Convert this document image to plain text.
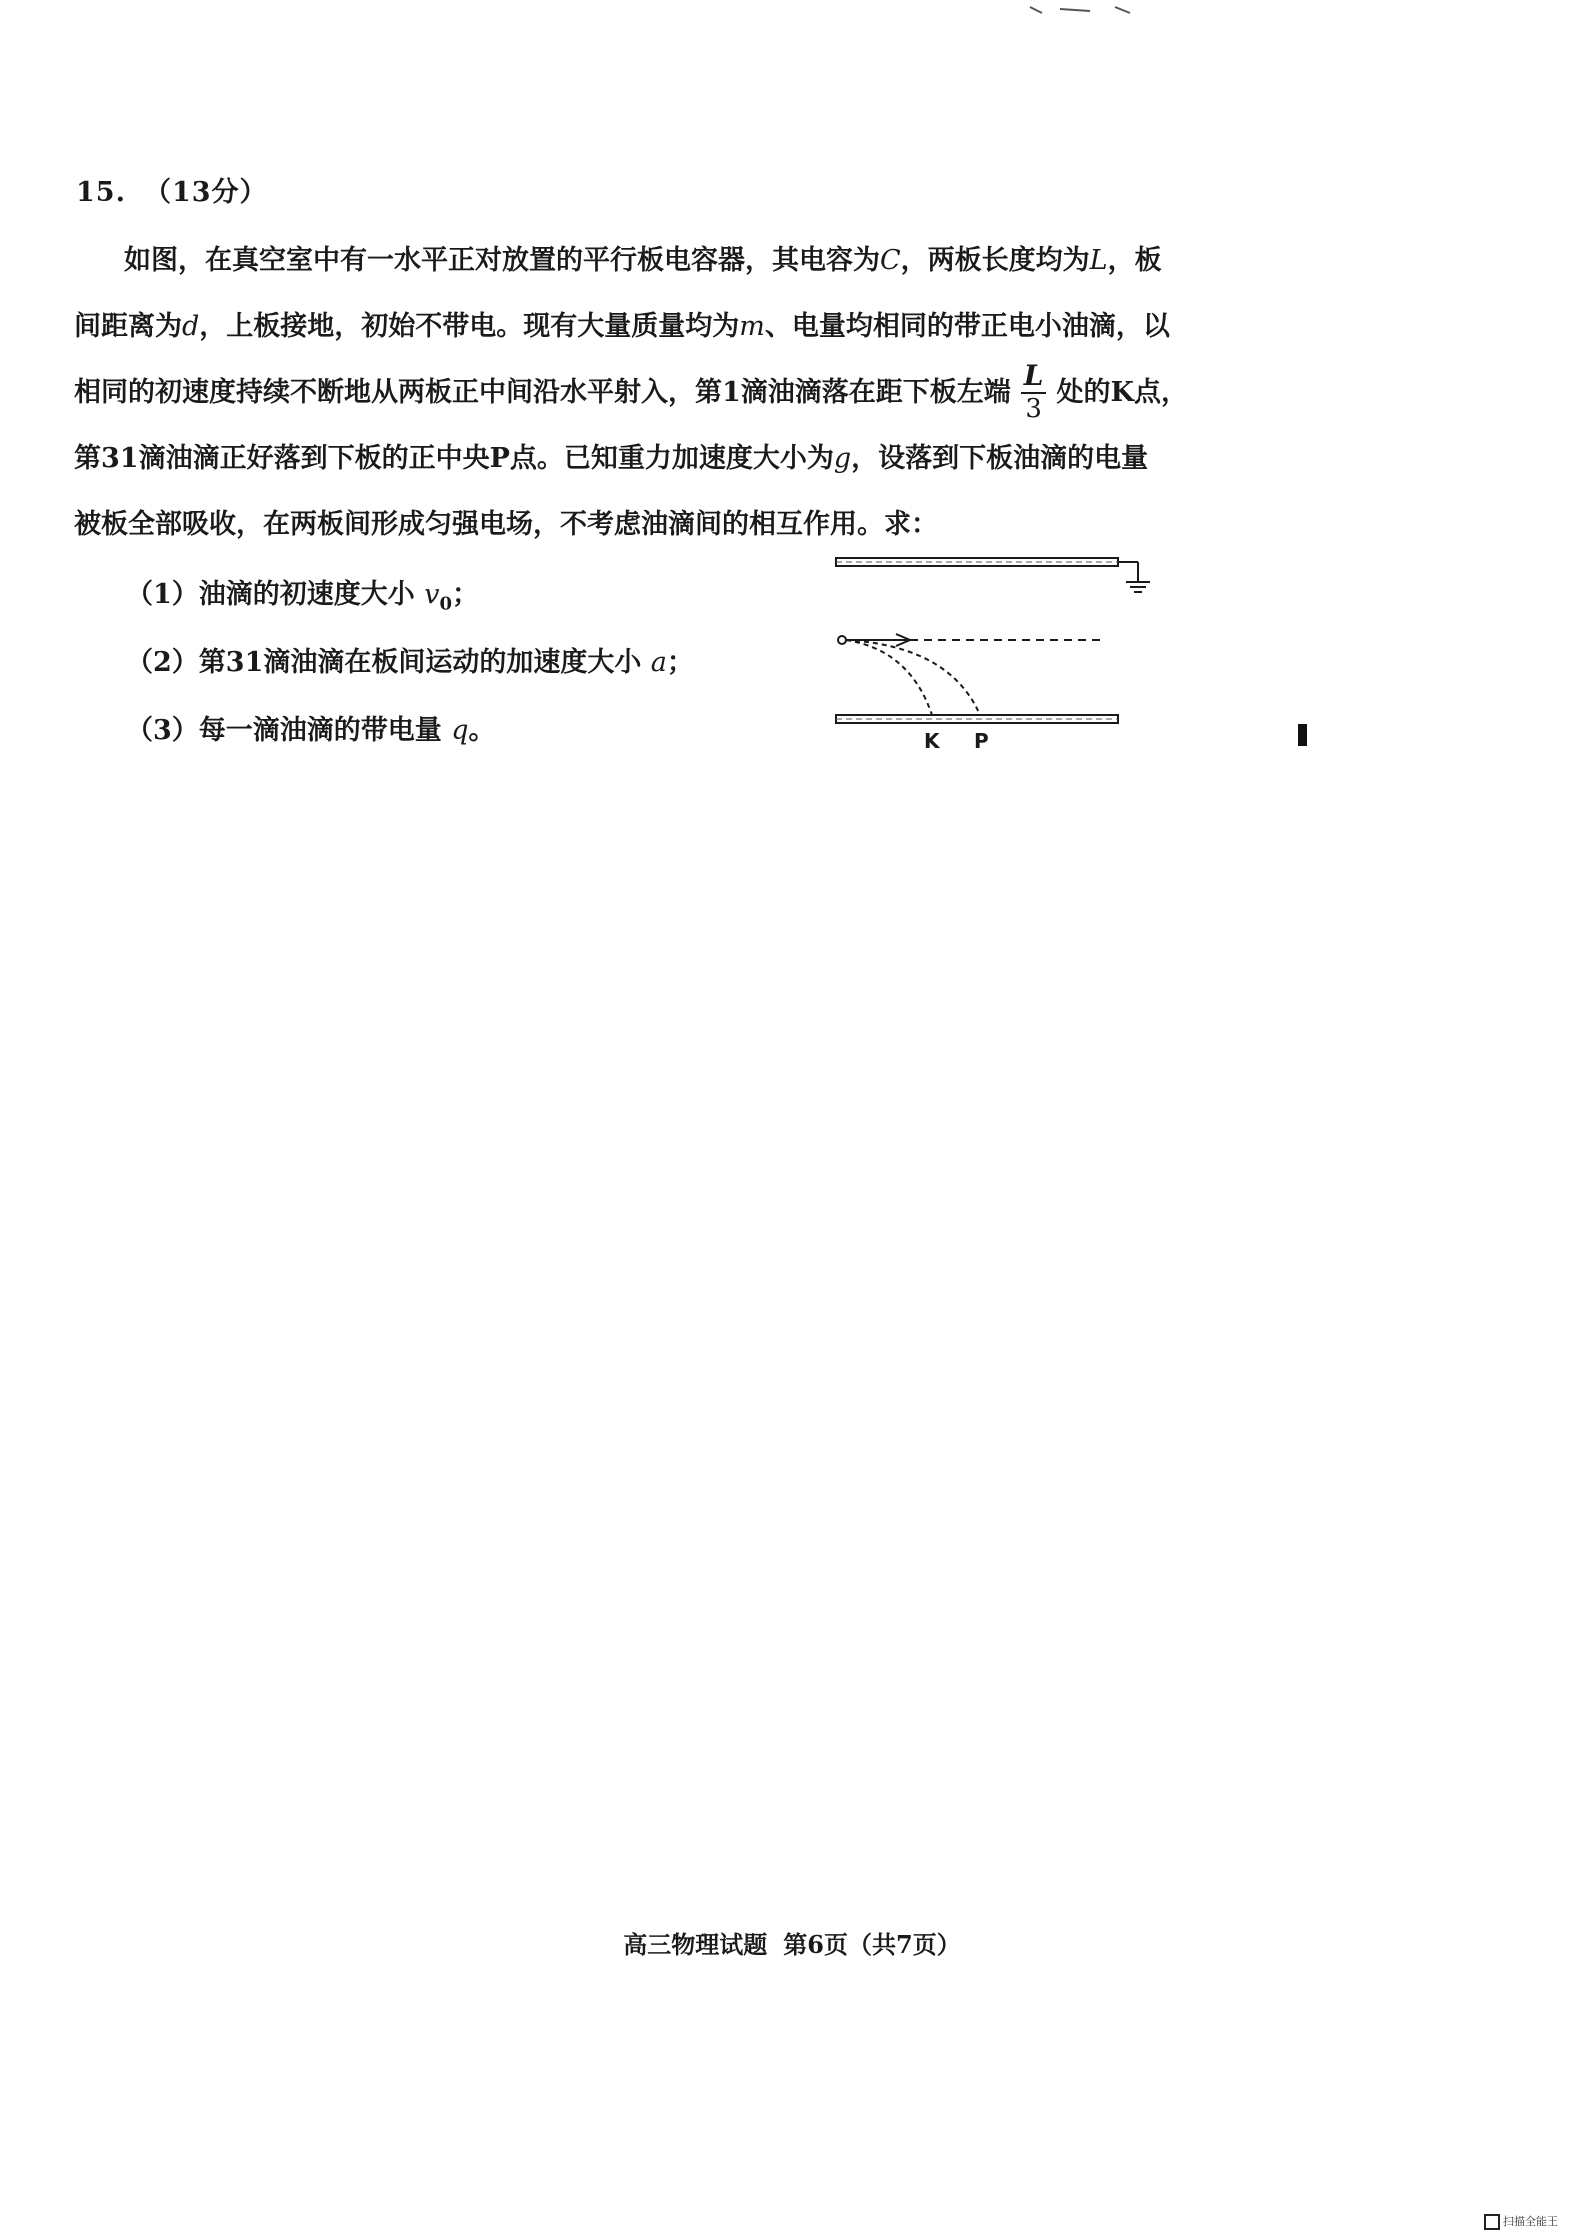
15. （13分）
如图，在真空室中有一水平正对放置的平行板电容器，其电容为C，两板长度均为L，板
间距离为d，上板接地，初始不带电。现有大量质量均为m、电量均相同的带正电小油滴，以
相同的初速度持续不断地从两板正中间沿水平射入，第1滴油滴落在距下板左端 $\frac{L}{3}$ 处的K点，
第31滴油滴正好落到下板的正中央P点。已知重力加速度大小为g，设落到下板油滴的电量
被板全部吸收，在两板间形成匀强电场，不考虑油滴间的相互作用。求：
（1）油滴的初速度大小 $v_0$；
（2）第31滴油滴在板间运动的加速度大小 a；
（3）每一滴油滴的带电量 q。	K P
高三物理试题 第6页（共7页）
扫描全能王
